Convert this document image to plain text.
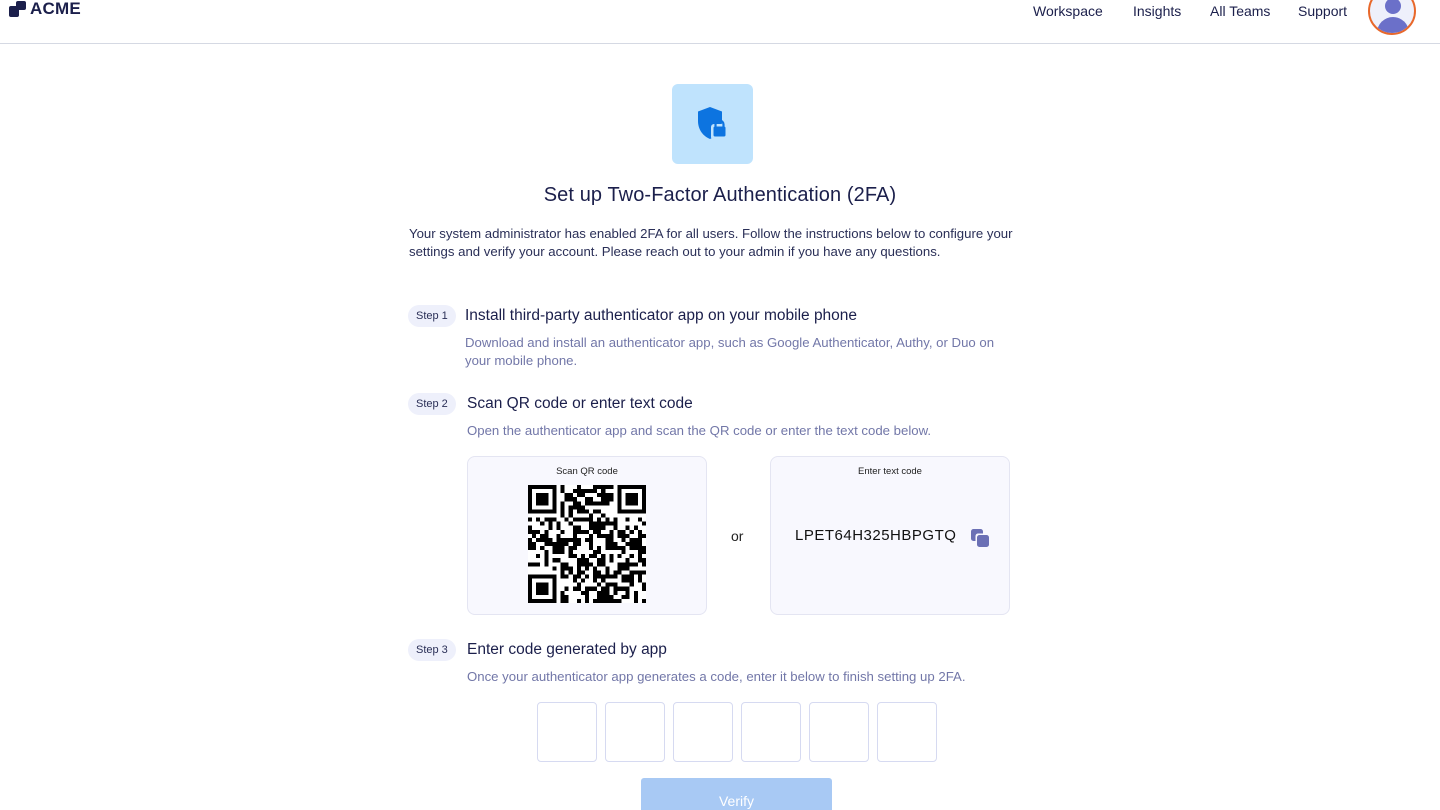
ACME	Workspace Insights All Teams Support
Set up Two-Factor Authentication (2FA)

Your system administrator has enabled 2FA for all users. Follow the instructions below to configure your settings and verify your account. Please reach out to your admin if you have any questions.

Step 1	Install third-party authenticator app on your mobile phone

Download and install an authenticator app, such as Google Authenticator, Authy, or Duo on your mobile phone.

Step 2	Scan QR code or enter text code

Open the authenticator app and scan the QR code or enter the text code below.

Scan QR code
or
Enter text code
LPET64H325HBPGTQ
Step 3	Enter code generated by app

Once your authenticator app generates a code, enter it below to finish setting up 2FA.

Verify
